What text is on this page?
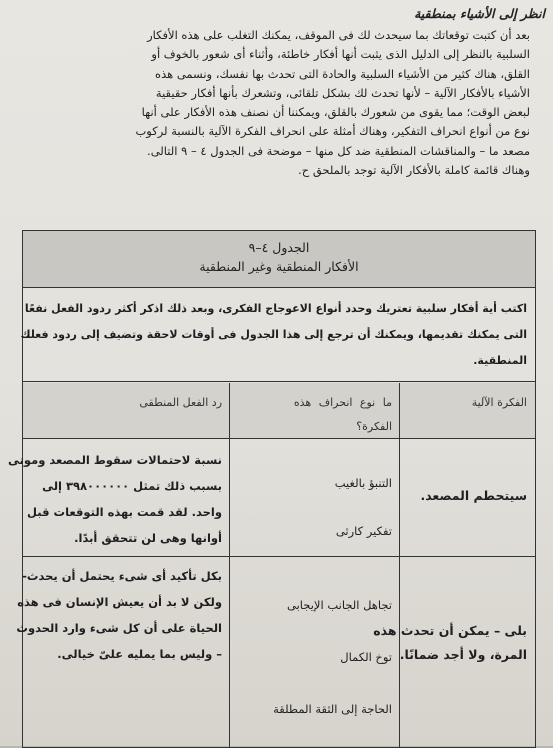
انظر إلى الأشياء بمنطقية
بعد أن كتبت توقعاتك بما سيحدث لك فى الموقف، يمكنك التغلب على هذه الأفكار
السلبية بالنظر إلى الدليل الذى يثبت أنها أفكار خاطئة، وأثناء أى شعور بالخوف أو
القلق، هناك كثير من الأشياء السلبية والحادة التى تحدث بها نفسك، ونسمى هذه
الأشياء بالأفكار الآلية – لأنها تحدث لك بشكل تلقائى، وتشعرك بأنها أفكار حقيقية
لبعض الوقت؛ مما يقوى من شعورك بالقلق، ويمكننا أن نصنف هذه الأفكار على أنها
نوع من أنواع انحراف التفكير، وهناك أمثلة على انحراف الفكرة الآلية بالنسبة لركوب
مصعد ما – والمناقشات المنطقية ضد كل منها – موضحة فى الجدول ٤ – ٩ التالى.
وهناك قائمة كاملة بالأفكار الآلية توجد بالملحق ح.
الجدول ٤–٩
الأفكار المنطقية وغير المنطقية
اكتب أية أفكار سلبية تعتريك وحدد أنواع الاعوجاج الفكرى، وبعد ذلك اذكر أكثر ردود الفعل نفعًا
التى يمكنك تقديمها، ويمكنك أن ترجع إلى هذا الجدول فى أوقات لاحقة وتضيف إلى ردود فعلك
المنطقية.
الفكرة الآلية
ما نوع انحراف هذه
الفكرة؟
رد الفعل المنطقى
سيتحطم المصعد.
التنبؤ بالغيب
تفكير كارثى
نسبة لاحتمالات سقوط المصعد وموتى
بسبب ذلك تمثل ٣٩٨٠٠٠٠٠٠ إلى
واحد. لقد قمت بهذه التوقعات قبل
أوانها وهى لن تتحقق أبدًا.
بلى – يمكن أن تحدث هذه
المرة، ولا أجد ضمانًا.
تجاهل الجانب الإيجابى
توخ الكمال
الحاجة إلى الثقة المطلقة
بكل تأكيد أى شىء يحتمل أن يحدث-
ولكن لا بد أن يعيش الإنسان فى هذه
الحياة على أن كل شىء وارد الحدوث
– وليس بما يمليه علىّ خيالى.
